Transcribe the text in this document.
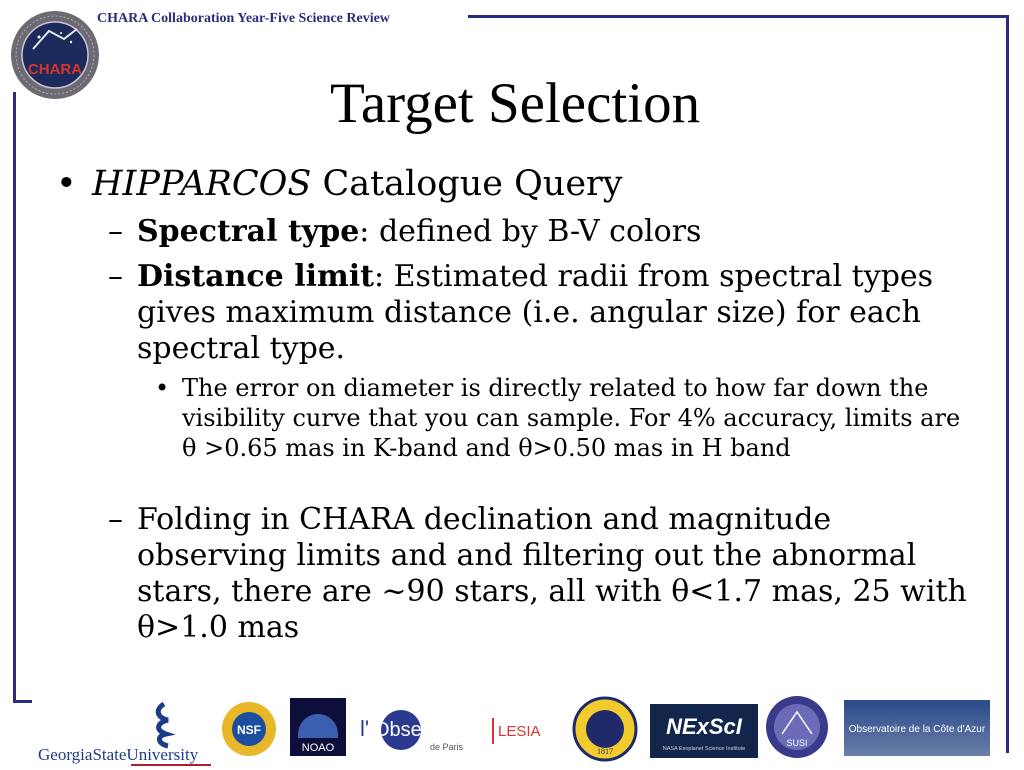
CHARA Collaboration Year-Five Science Review
CHARA
Target Selection
• HIPPARCOS Catalogue Query
– Spectral type: defined by B-V colors
– Distance limit: Estimated radii from spectral types gives maximum distance (i.e. angular size) for each spectral type.
• The error on diameter is directly related to how far down the visibility curve that you can sample. For 4% accuracy, limits are θ >0.65 mas in K-band and θ>0.50 mas in H band
– Folding in CHARA declination and magnitude observing limits and and filtering out the abnormal stars, there are ~90 stars, all with θ<1.7 mas, 25 with θ>1.0 mas
GeorgiaStateUniversity
NSF
NOAO
l' Observatoire
de Paris
LESIA
1817
NExScI
NASA Exoplanet Science Institute
SUSI
Observatoire de la Côte d'Azur
